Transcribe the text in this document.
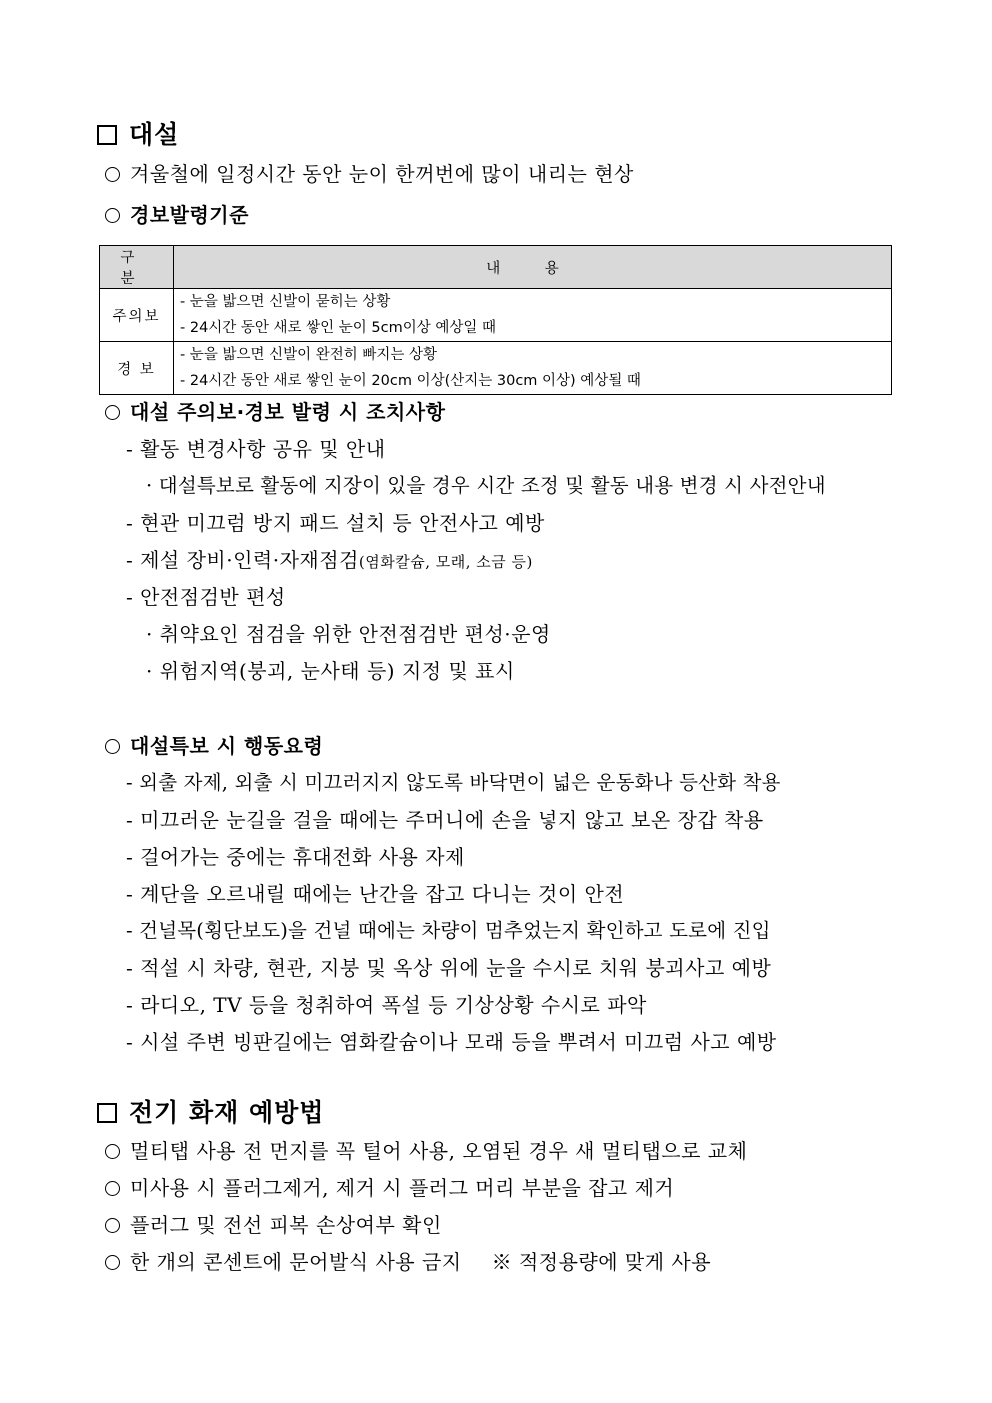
대설
겨울철에 일정시간 동안 눈이 한꺼번에 많이 내리는 현상
경보발령기준
구 분	내 용
주의보	- 눈을 밟으면 신발이 묻히는 상황
- 24시간 동안 새로 쌓인 눈이 5cm이상 예상일 때

경 보	- 눈을 밟으면 신발이 완전히 빠지는 상황
- 24시간 동안 새로 쌓인 눈이 20cm 이상(산지는 30cm 이상) 예상될 때
대설 주의보·경보 발령 시 조치사항
- 활동 변경사항 공유 및 안내
· 대설특보로 활동에 지장이 있을 경우 시간 조정 및 활동 내용 변경 시 사전안내
- 현관 미끄럼 방지 패드 설치 등 안전사고 예방
- 제설 장비·인력·자재점검(염화칼슘, 모래, 소금 등)
- 안전점검반 편성
· 취약요인 점검을 위한 안전점검반 편성·운영
· 위험지역(붕괴, 눈사태 등) 지정 및 표시
대설특보 시 행동요령
- 외출 자제, 외출 시 미끄러지지 않도록 바닥면이 넓은 운동화나 등산화 착용
- 미끄러운 눈길을 걸을 때에는 주머니에 손을 넣지 않고 보온 장갑 착용
- 걸어가는 중에는 휴대전화 사용 자제
- 계단을 오르내릴 때에는 난간을 잡고 다니는 것이 안전
- 건널목(횡단보도)을 건널 때에는 차량이 멈추었는지 확인하고 도로에 진입
- 적설 시 차량, 현관, 지붕 및 옥상 위에 눈을 수시로 치워 붕괴사고 예방
- 라디오, TV 등을 청취하여 폭설 등 기상상황 수시로 파악
- 시설 주변 빙판길에는 염화칼슘이나 모래 등을 뿌려서 미끄럼 사고 예방
전기 화재 예방법
멀티탭 사용 전 먼지를 꼭 털어 사용, 오염된 경우 새 멀티탭으로 교체
미사용 시 플러그제거, 제거 시 플러그 머리 부분을 잡고 제거
플러그 및 전선 피복 손상여부 확인
한 개의 콘센트에 문어발식 사용 금지 ※ 적정용량에 맞게 사용
